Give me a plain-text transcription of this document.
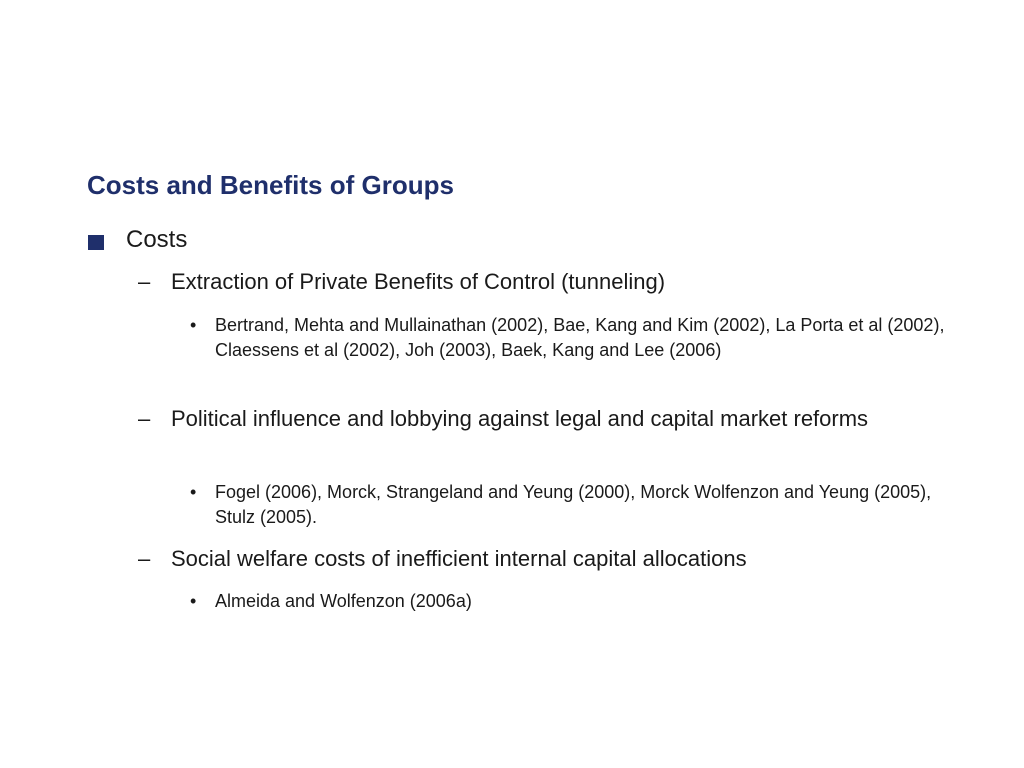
Costs and Benefits of Groups
Costs
– Extraction of Private Benefits of Control (tunneling)
• Bertrand, Mehta and Mullainathan (2002), Bae, Kang and Kim (2002), La Porta et al (2002), Claessens et al (2002), Joh (2003), Baek, Kang and Lee (2006)
– Political influence and lobbying against legal and capital market reforms
• Fogel (2006), Morck, Strangeland and Yeung (2000), Morck Wolfenzon and Yeung (2005), Stulz (2005).
– Social welfare costs of inefficient internal capital allocations
• Almeida and Wolfenzon (2006a)
